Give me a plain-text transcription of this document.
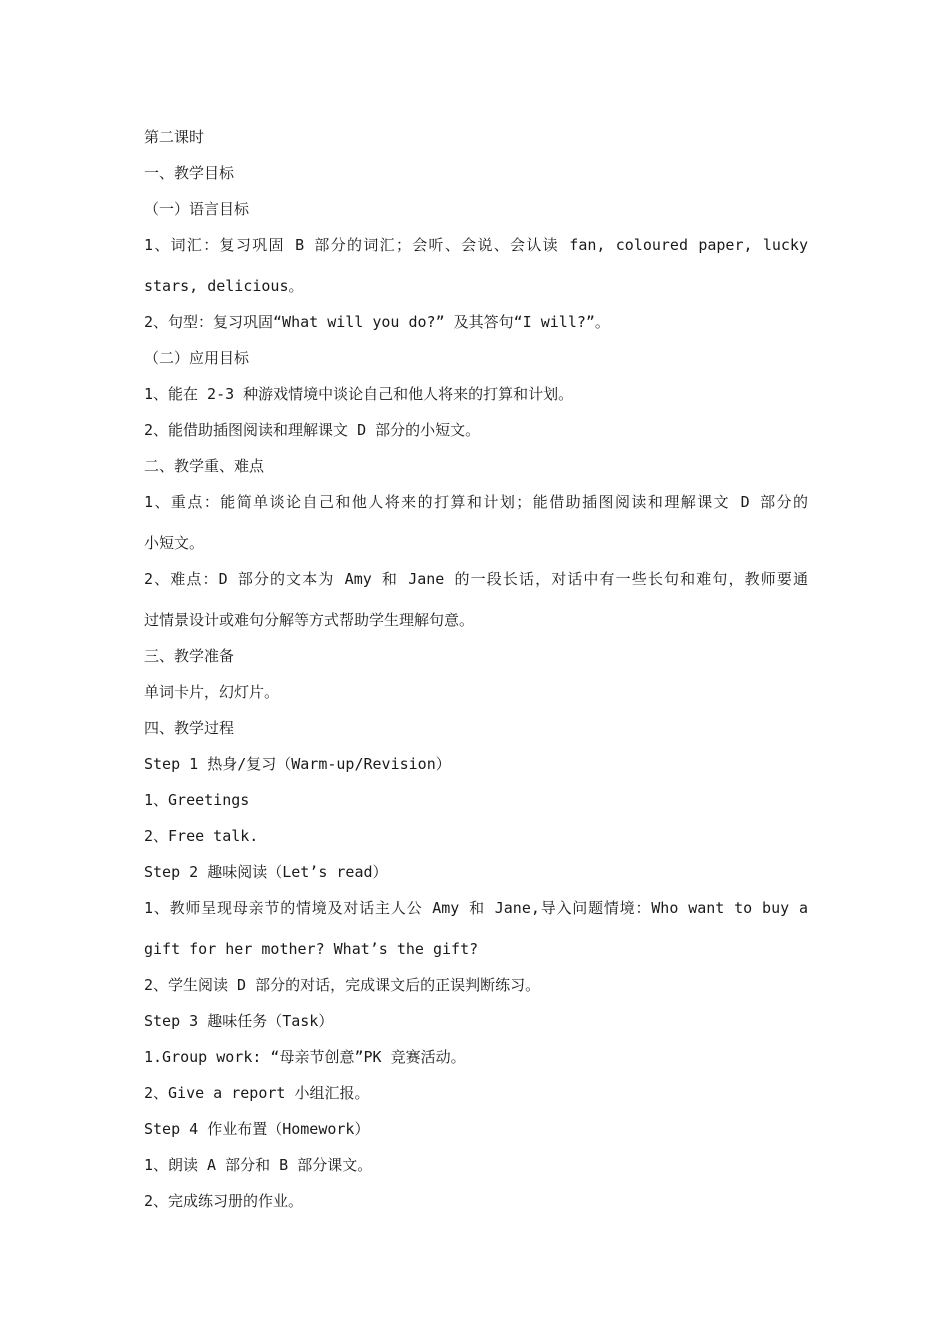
第二课时
一、教学目标
（一）语言目标
1、词汇：复习巩固 B 部分的词汇；会听、会说、会认读 fan, coloured paper, lucky
stars, delicious。
2、句型：复习巩固“What will you do?” 及其答句“I will?”。
（二）应用目标
1、能在 2-3 种游戏情境中谈论自己和他人将来的打算和计划。
2、能借助插图阅读和理解课文 D 部分的小短文。
二、教学重、难点
1、重点：能简单谈论自己和他人将来的打算和计划；能借助插图阅读和理解课文 D 部分的
小短文。
2、难点：D 部分的文本为 Amy 和 Jane 的一段长话，对话中有一些长句和难句，教师要通
过情景设计或难句分解等方式帮助学生理解句意。
三、教学准备
单词卡片，幻灯片。
四、教学过程
Step 1 热身/复习（Warm-up/Revision）
1、Greetings
2、Free talk.
Step 2 趣味阅读（Let’s read）
1、教师呈现母亲节的情境及对话主人公 Amy 和 Jane,导入问题情境：Who want to buy a
gift for her mother? What’s the gift?
2、学生阅读 D 部分的对话，完成课文后的正误判断练习。
Step 3 趣味任务（Task）
1.Group work: “母亲节创意”PK 竞赛活动。
2、Give a report 小组汇报。
Step 4 作业布置（Homework）
1、朗读 A 部分和 B 部分课文。
2、完成练习册的作业。
